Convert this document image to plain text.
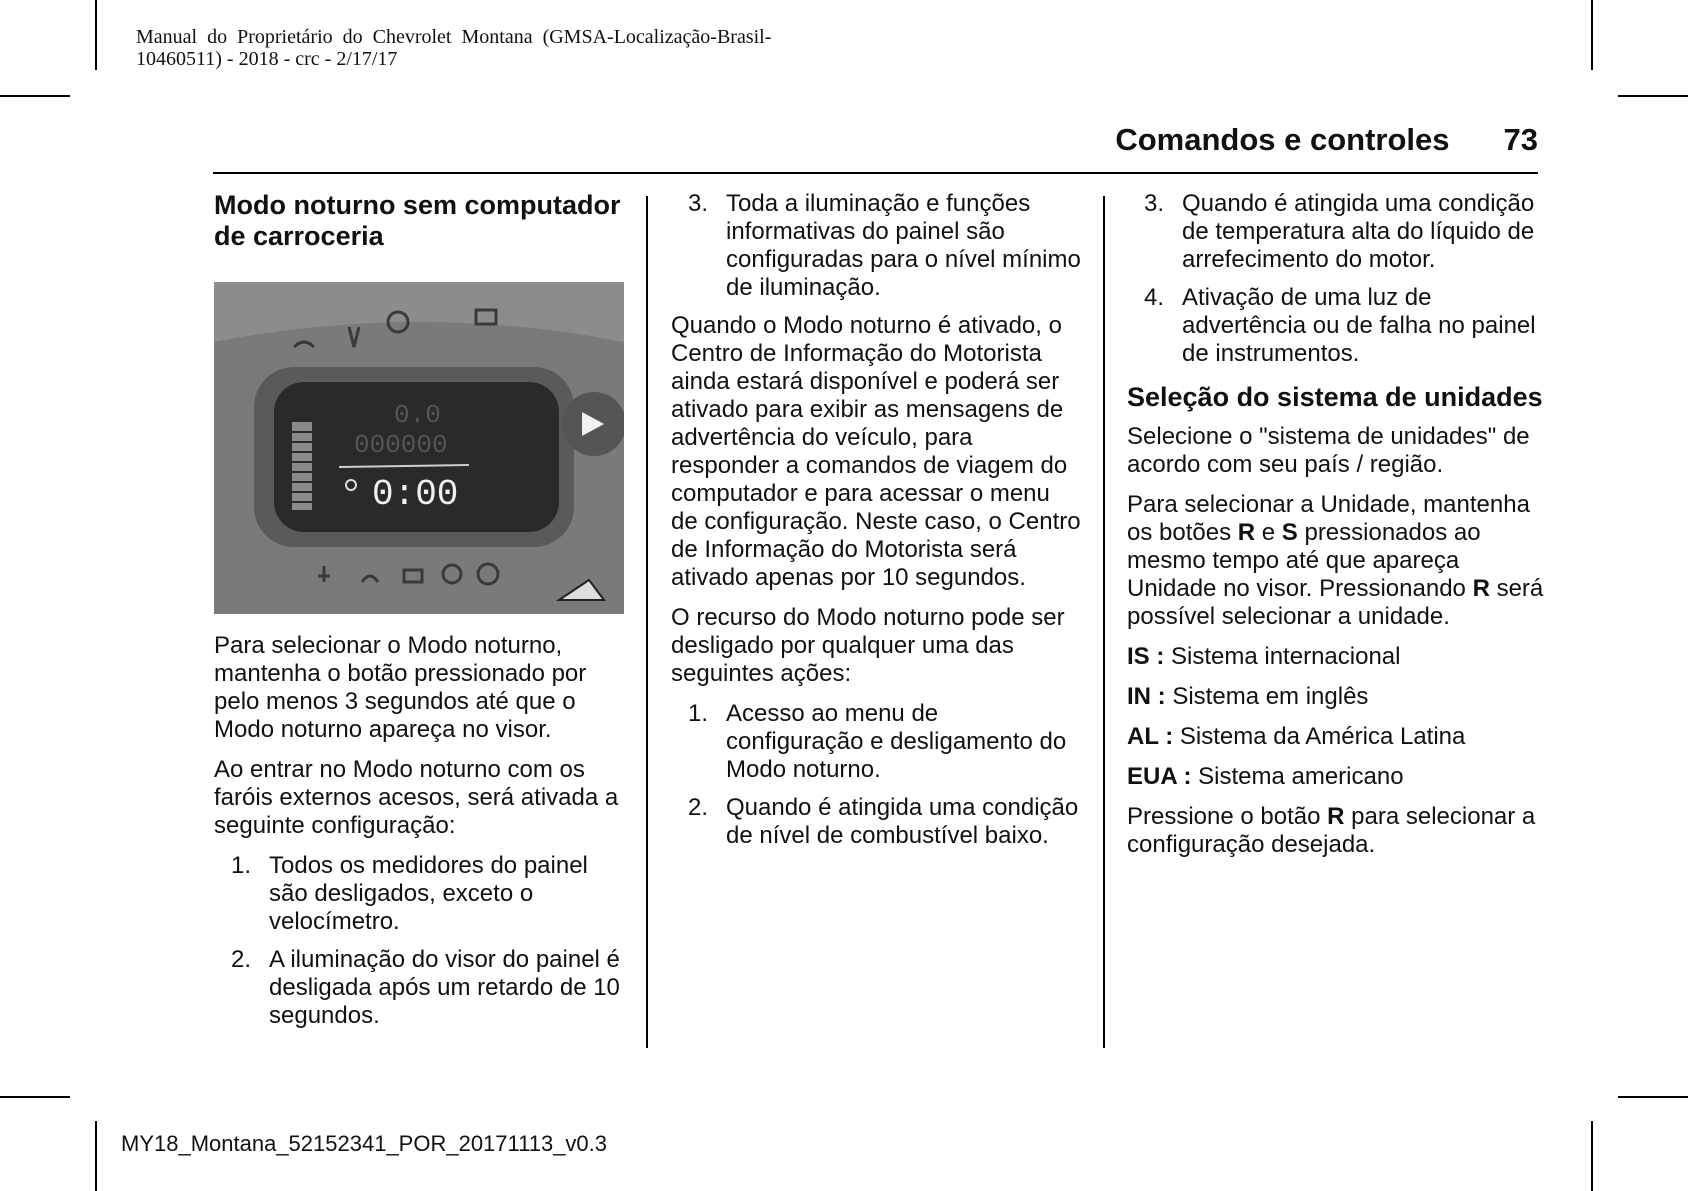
Manual  do  Proprietário  do  Chevrolet  Montana  (GMSA-Localização-Brasil-
10460511) - 2018 - crc - 2/17/17
Comandos e controles 73
Modo noturno sem computador de carroceria
0.0
000000
0:00

Para selecionar o Modo noturno, mantenha o botão pressionado por pelo menos 3 segundos até que o Modo noturno apareça no visor.

Ao entrar no Modo noturno com os faróis externos acesos, será ativada a seguinte configuração:

1. Todos os medidores do painel são desligados, exceto o velocímetro.
2. A iluminação do visor do painel é desligada após um retardo de 10 segundos.
3. Toda a iluminação e funções informativas do painel são configuradas para o nível mínimo de iluminação.

Quando o Modo noturno é ativado, o Centro de Informação do Motorista ainda estará disponível e poderá ser ativado para exibir as mensagens de advertência do veículo, para responder a comandos de viagem do computador e para acessar o menu de configuração. Neste caso, o Centro de Informação do Motorista será ativado apenas por 10 segundos.

O recurso do Modo noturno pode ser desligado por qualquer uma das seguintes ações:

1. Acesso ao menu de configuração e desligamento do Modo noturno.
2. Quando é atingida uma condição de nível de combustível baixo.
3. Quando é atingida uma condição de temperatura alta do líquido de arrefecimento do motor.
4. Ativação de uma luz de advertência ou de falha no painel de instrumentos.
Seleção do sistema de unidades

Selecione o "sistema de unidades" de acordo com seu país / região.

Para selecionar a Unidade, mantenha os botões R e S pressionados ao mesmo tempo até que apareça Unidade no visor. Pressionando R será possível selecionar a unidade.

IS : Sistema internacional

IN : Sistema em inglês

AL : Sistema da América Latina

EUA : Sistema americano

Pressione o botão R para selecionar a configuração desejada.

MY18_Montana_52152341_POR_20171113_v0.3
